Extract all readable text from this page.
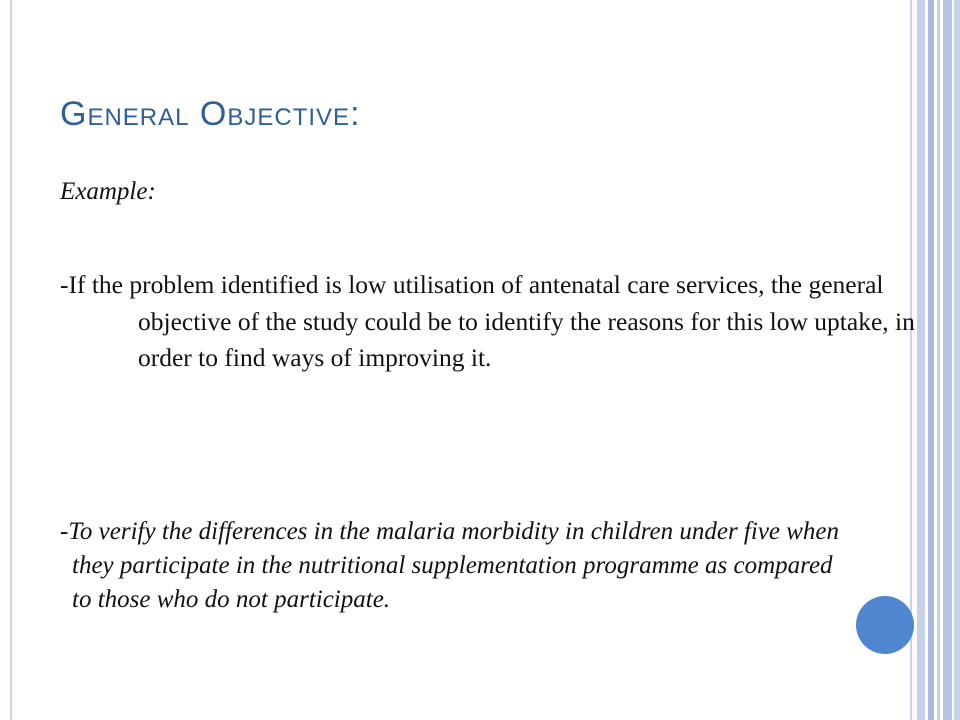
General Objective:
Example:
-If the problem identified is low utilisation of antenatal care services, the general objective of the study could be to identify the reasons for this low uptake, in order to find ways of improving it.
-To verify the differences in the malaria morbidity in children under five when they participate in the nutritional supplementation programme as compared to those who do not participate.
